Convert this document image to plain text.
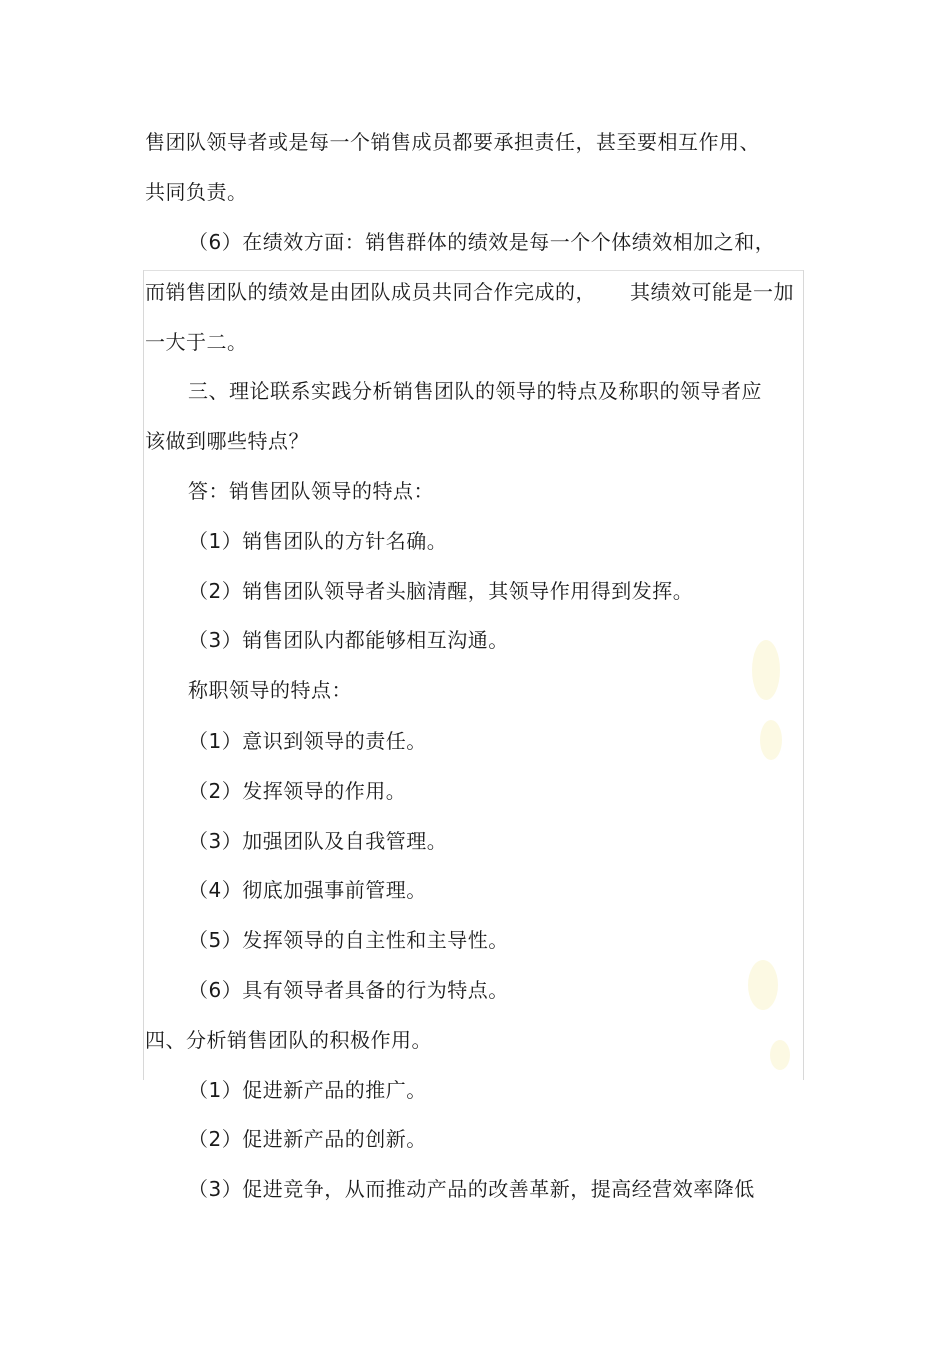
售团队领导者或是每一个销售成员都要承担责任，甚至要相互作用、
共同负责。
（6）在绩效方面：销售群体的绩效是每一个个体绩效相加之和，
而销售团队的绩效是由团队成员共同合作完成的， 其绩效可能是一加
一大于二。
三、理论联系实践分析销售团队的领导的特点及称职的领导者应
该做到哪些特点？
答：销售团队领导的特点：
（1）销售团队的方针名确。
（2）销售团队领导者头脑清醒，其领导作用得到发挥。
（3）销售团队内都能够相互沟通。
称职领导的特点：
（1）意识到领导的责任。
（2）发挥领导的作用。
（3）加强团队及自我管理。
（4）彻底加强事前管理。
（5）发挥领导的自主性和主导性。
（6）具有领导者具备的行为特点。
四、分析销售团队的积极作用。
（1）促进新产品的推广。
（2）促进新产品的创新。
（3）促进竞争，从而推动产品的改善革新，提高经营效率降低
